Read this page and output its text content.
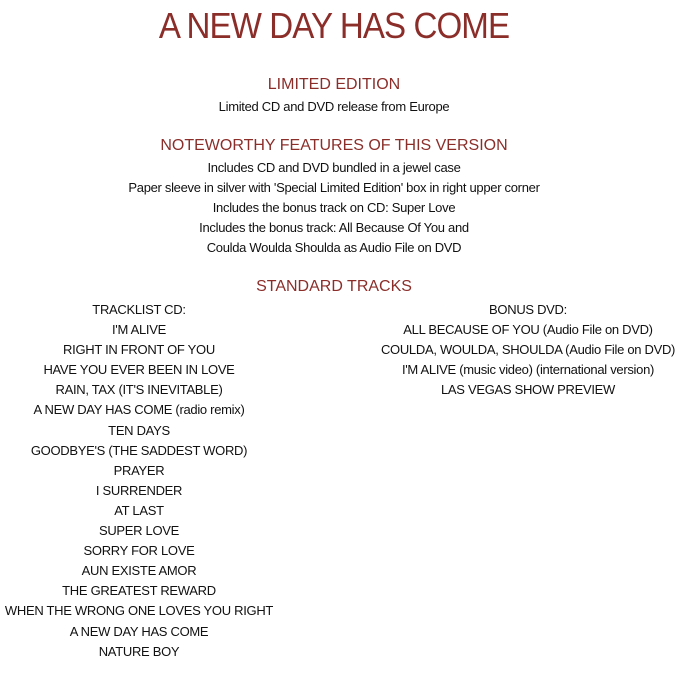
A NEW DAY HAS COME
LIMITED EDITION
Limited CD and DVD release from Europe
NOTEWORTHY FEATURES OF THIS VERSION
Includes CD and DVD bundled in a jewel case
Paper sleeve in silver with 'Special Limited Edition' box in right upper corner
Includes the bonus track on CD: Super Love
Includes the bonus track: All Because Of You and
Coulda Woulda Shoulda as Audio File on DVD
STANDARD TRACKS
TRACKLIST CD:
I'M ALIVE
RIGHT IN FRONT OF YOU
HAVE YOU EVER BEEN IN LOVE
RAIN, TAX (IT'S INEVITABLE)
A NEW DAY HAS COME (radio remix)
TEN DAYS
GOODBYE'S (THE SADDEST WORD)
PRAYER
I SURRENDER
AT LAST
SUPER LOVE
SORRY FOR LOVE
AUN EXISTE AMOR
THE GREATEST REWARD
WHEN THE WRONG ONE LOVES YOU RIGHT
A NEW DAY HAS COME
NATURE BOY
BONUS DVD:
ALL BECAUSE OF YOU (Audio File on DVD)
COULDA, WOULDA, SHOULDA (Audio File on DVD)
I'M ALIVE (music video) (international version)
LAS VEGAS SHOW PREVIEW
